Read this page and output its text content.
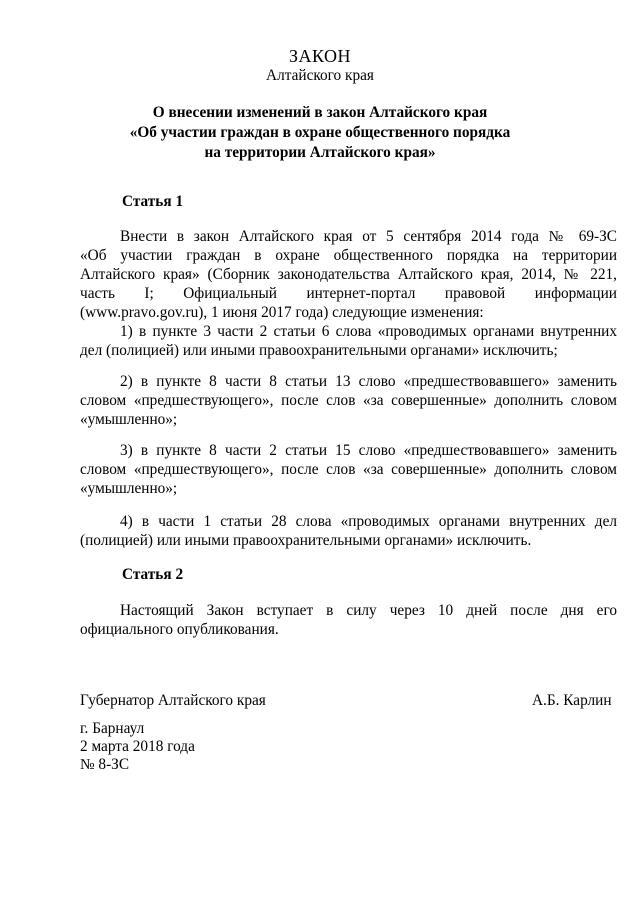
ЗАКОН
Алтайского края
О внесении изменений в закон Алтайского края
«Об участии граждан в охране общественного порядка
на территории Алтайского края»
Статья 1
Внести в закон Алтайского края от 5 сентября 2014 года № 69-ЗС
«Об участии граждан в охране общественного порядка на территории
Алтайского края» (Сборник законодательства Алтайского края, 2014, № 221,
часть I; Официальный интернет-портал правовой информации
(www.pravo.gov.ru), 1 июня 2017 года) следующие изменения:
1) в пункте 3 части 2 статьи 6 слова «проводимых органами внутренних
дел (полицией) или иными правоохранительными органами» исключить;
2) в пункте 8 части 8 статьи 13 слово «предшествовавшего» заменить
словом «предшествующего», после слов «за совершенные» дополнить словом
«умышленно»;
3) в пункте 8 части 2 статьи 15 слово «предшествовавшего» заменить
словом «предшествующего», после слов «за совершенные» дополнить словом
«умышленно»;
4) в части 1 статьи 28 слова «проводимых органами внутренних дел
(полицией) или иными правоохранительными органами» исключить.
Статья 2
Настоящий Закон вступает в силу через 10 дней после дня его
официального опубликования.
Губернатор Алтайского края	А.Б. Карлин
г. Барнаул
2 марта 2018 года
№ 8-ЗС
